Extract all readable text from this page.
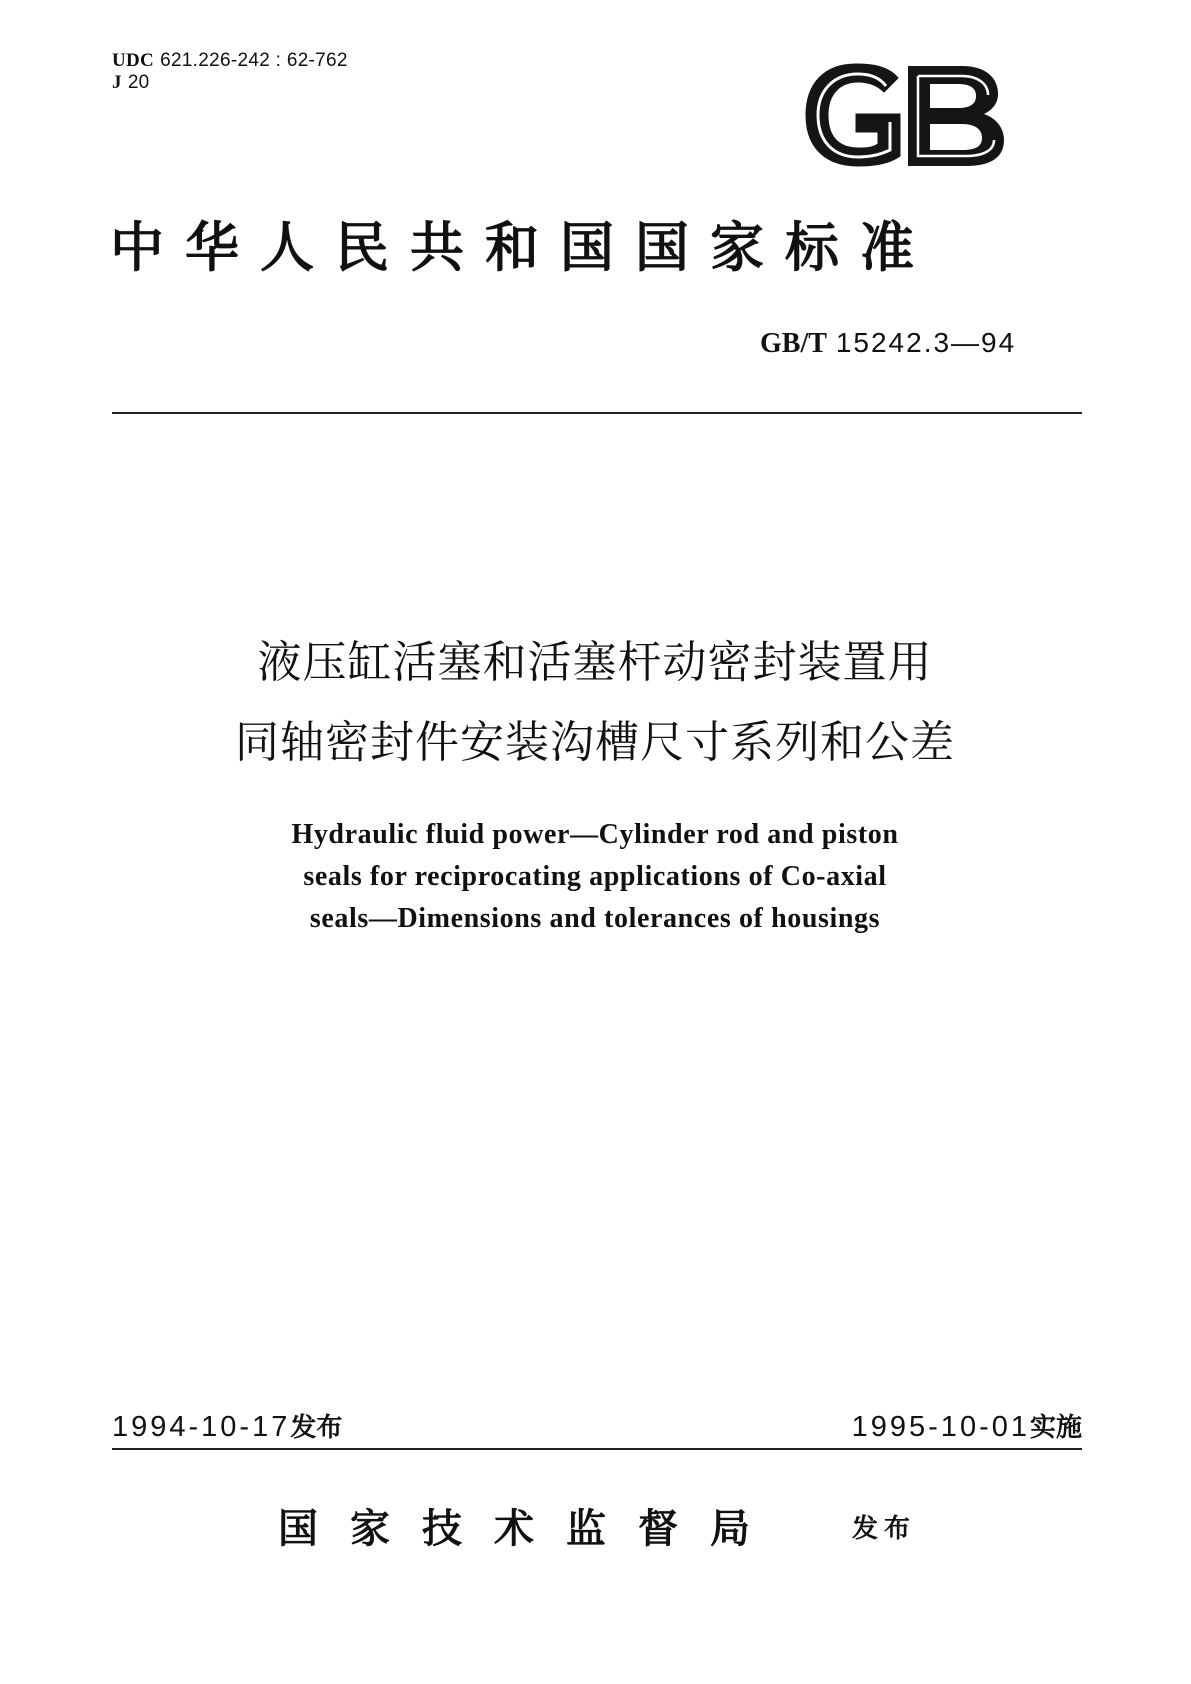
UDC 621.226-242 : 62-762
J 20
中华人民共和国国家标准
GB/T 15242.3—94
液压缸活塞和活塞杆动密封装置用
同轴密封件安装沟槽尺寸系列和公差
Hydraulic fluid power—Cylinder rod and piston
seals for reciprocating applications of Co-axial
seals—Dimensions and tolerances of housings
1994-10-17发布	1995-10-01实施
国家技术监督局	发布
